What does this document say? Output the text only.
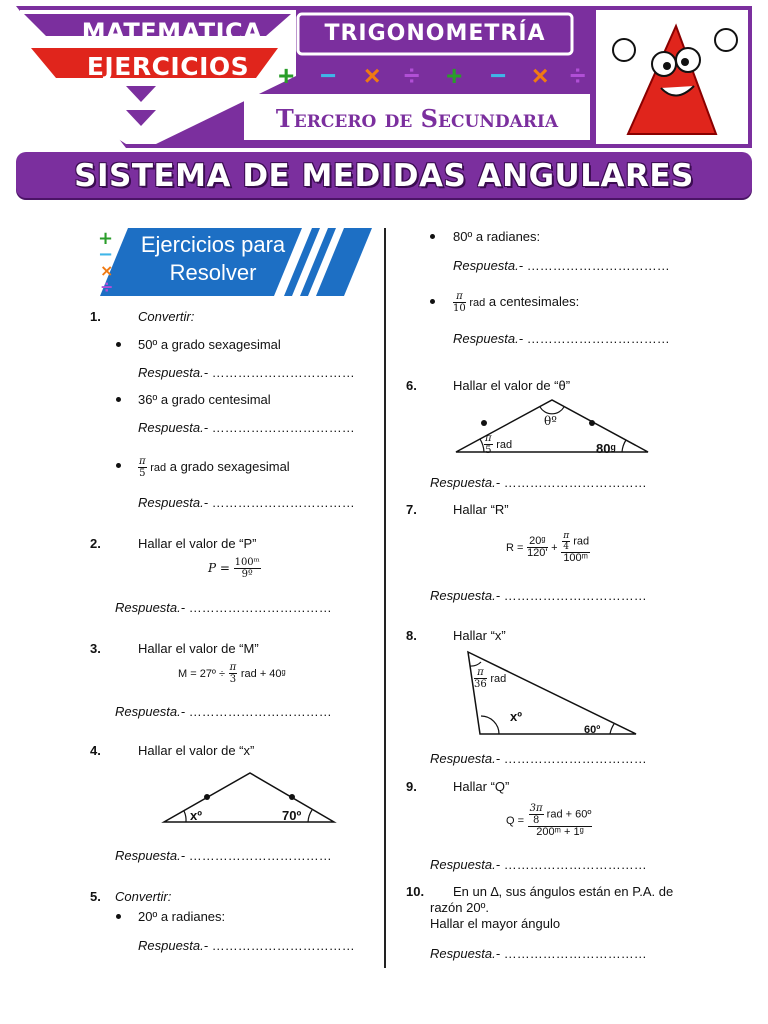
MATEMATICA
EJERCICIOS
TRIGONOMETRÍA
+ − × ÷ + − × ÷
Tercero de Secundaria
SISTEMA DE MEDIDAS ANGULARES
+
−
×
÷
Ejercicios para
Resolver
1.	Convertir:
50º a grado sexagesimal
Respuesta.- ……………………………
36º a grado centesimal
Respuesta.- ……………………………
$\frac{\pi}{5}$ rad a grado sexagesimal
Respuesta.- ……………………………
2.	Hallar el valor de “P”
$P = \frac{\text{100ᵐ}}{\text{9º}}$
Respuesta.- ……………………………
3.	Hallar el valor de “M”
M = 27º ÷ $\frac{\pi}{3}$ rad + 40ᵍ
Respuesta.- ……………………………
4.	Hallar el valor de “x”
xº	70º
Respuesta.- ……………………………
5. Convertir:
20º a radianes:
Respuesta.- ……………………………
80º a radianes:
Respuesta.- ……………………………
$\frac{\pi}{10}$ rad a centesimales:
Respuesta.- ……………………………
6.	Hallar el valor de “θ”
θº
$\frac{\pi}{5}$ rad	80ᵍ
Respuesta.- ……………………………
7.	Hallar “R”
$R = \frac{\text{20ᵍ}}{120'} + \frac{\frac{\pi}{4} rad}{\text{100ᵐ}}$
Respuesta.- ……………………………
8.	Hallar “x”
$\frac{\pi}{36}$ rad
xº
60º
Respuesta.- ……………………………
9.	Hallar “Q”
$Q = \frac{\frac{3\pi}{8} rad + 60º}{\text{200ᵐ + 1ᵍ}}$
Respuesta.- ……………………………
10. En un ∆, sus ángulos están en P.A. de
razón 20º.
Hallar el mayor ángulo
Respuesta.- ……………………………
